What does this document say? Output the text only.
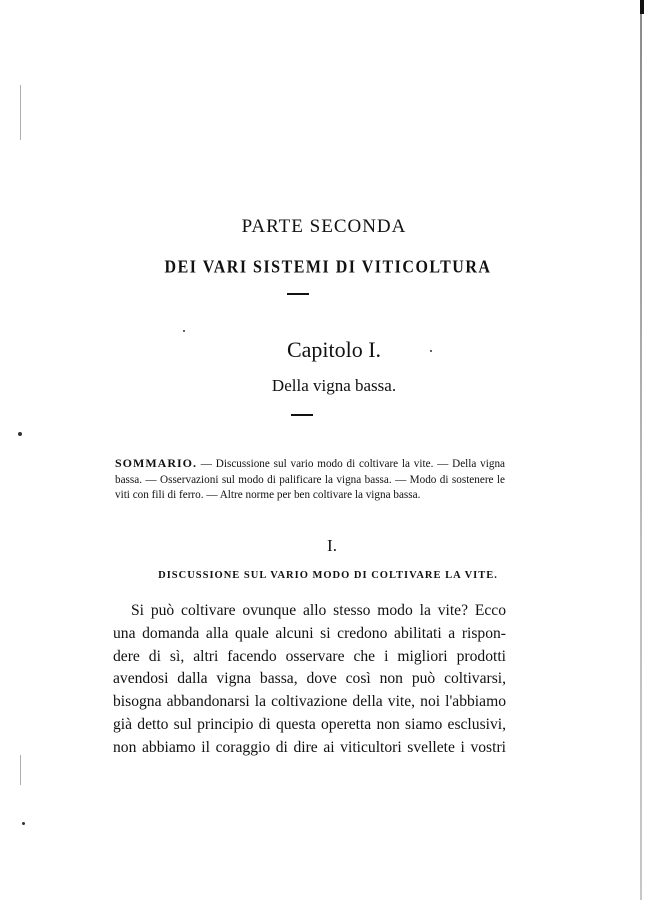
PARTE SECONDA
DEI VARI SISTEMI DI VITICOLTURA
Capitolo I.
Della vigna bassa.
SOMMARIO. — Discussione sul vario modo di coltivare la vite. — Della vigna bassa. — Osservazioni sul modo di palificare la vigna bassa. — Modo di sostenere le viti con fili di ferro. — Altre norme per ben coltivare la vigna bassa.
I.
DISCUSSIONE SUL VARIO MODO DI COLTIVARE LA VITE.
Si può coltivare ovunque allo stesso modo la vite? Ecco
una domanda alla quale alcuni si credono abilitati a rispon-
dere di sì, altri facendo osservare che i migliori prodotti
avendosi dalla vigna bassa, dove così non può coltivarsi,
bisogna abbandonarsi la coltivazione della vite, noi l'abbiamo
già detto sul principio di questa operetta non siamo esclusivi,
non abbiamo il coraggio di dire ai viticultori svellete i vostri
